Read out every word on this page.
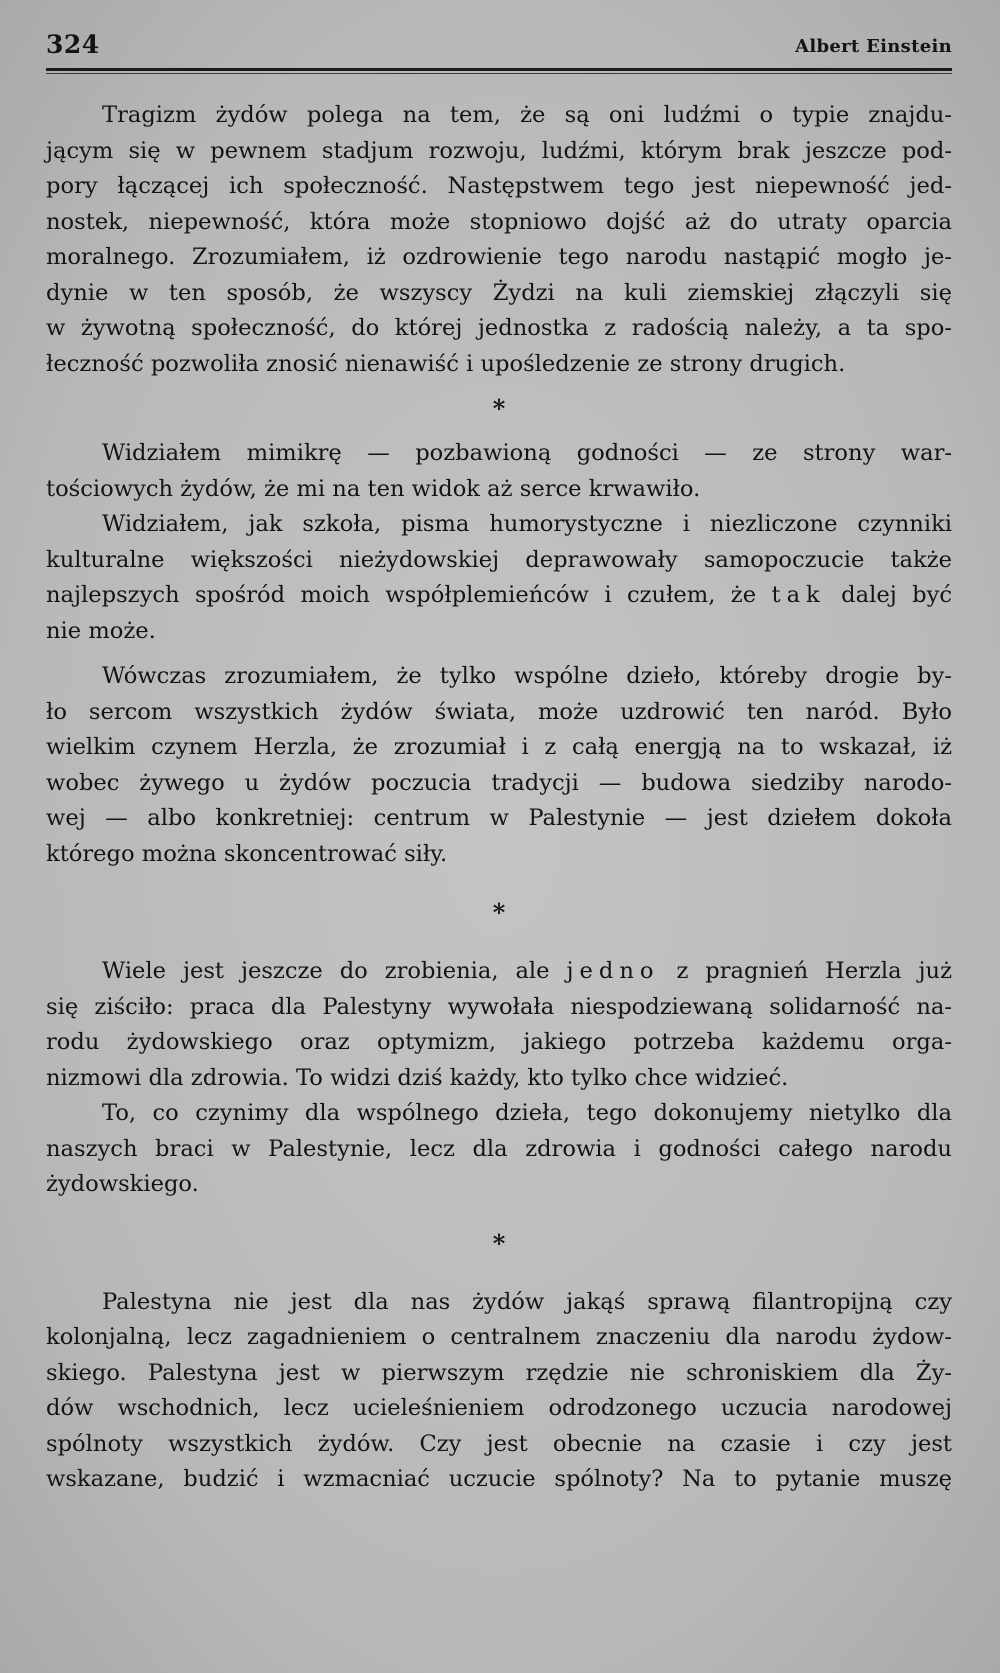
324	Albert Einstein
Tragizm żydów polega na tem, że są oni ludźmi o typie znajdu-
jącym się w pewnem stadjum rozwoju, ludźmi, którym brak jeszcze pod-
pory łączącej ich społeczność. Następstwem tego jest niepewność jed-
nostek, niepewność, która może stopniowo dojść aż do utraty oparcia
moralnego. Zrozumiałem, iż ozdrowienie tego narodu nastąpić mogło je-
dynie w ten sposób, że wszyscy Żydzi na kuli ziemskiej złączyli się
w żywotną społeczność, do której jednostka z radością należy, a ta spo-
łeczność pozwoliła znosić nienawiść i upośledzenie ze strony drugich.
*
Widziałem mimikrę — pozbawioną godności — ze strony war-
tościowych żydów, że mi na ten widok aż serce krwawiło.
Widziałem, jak szkoła, pisma humorystyczne i niezliczone czynniki
kulturalne większości nieżydowskiej deprawowały samopoczucie także
najlepszych spośród moich współplemieńców i czułem, że tak dalej być
nie może.
Wówczas zrozumiałem, że tylko wspólne dzieło, któreby drogie by-
ło sercom wszystkich żydów świata, może uzdrowić ten naród. Było
wielkim czynem Herzla, że zrozumiał i z całą energją na to wskazał, iż
wobec żywego u żydów poczucia tradycji — budowa siedziby narodo-
wej — albo konkretniej: centrum w Palestynie — jest dziełem dokoła
którego można skoncentrować siły.
*
Wiele jest jeszcze do zrobienia, ale jedno z pragnień Herzla już
się ziściło: praca dla Palestyny wywołała niespodziewaną solidarność na-
rodu żydowskiego oraz optymizm, jakiego potrzeba każdemu orga-
nizmowi dla zdrowia. To widzi dziś każdy, kto tylko chce widzieć.
To, co czynimy dla wspólnego dzieła, tego dokonujemy nietylko dla
naszych braci w Palestynie, lecz dla zdrowia i godności całego narodu
żydowskiego.
*
Palestyna nie jest dla nas żydów jakąś sprawą filantropijną czy
kolonjalną, lecz zagadnieniem o centralnem znaczeniu dla narodu żydow-
skiego. Palestyna jest w pierwszym rzędzie nie schroniskiem dla Ży-
dów wschodnich, lecz ucieleśnieniem odrodzonego uczucia narodowej
spólnoty wszystkich żydów. Czy jest obecnie na czasie i czy jest
wskazane, budzić i wzmacniać uczucie spólnoty? Na to pytanie muszę
